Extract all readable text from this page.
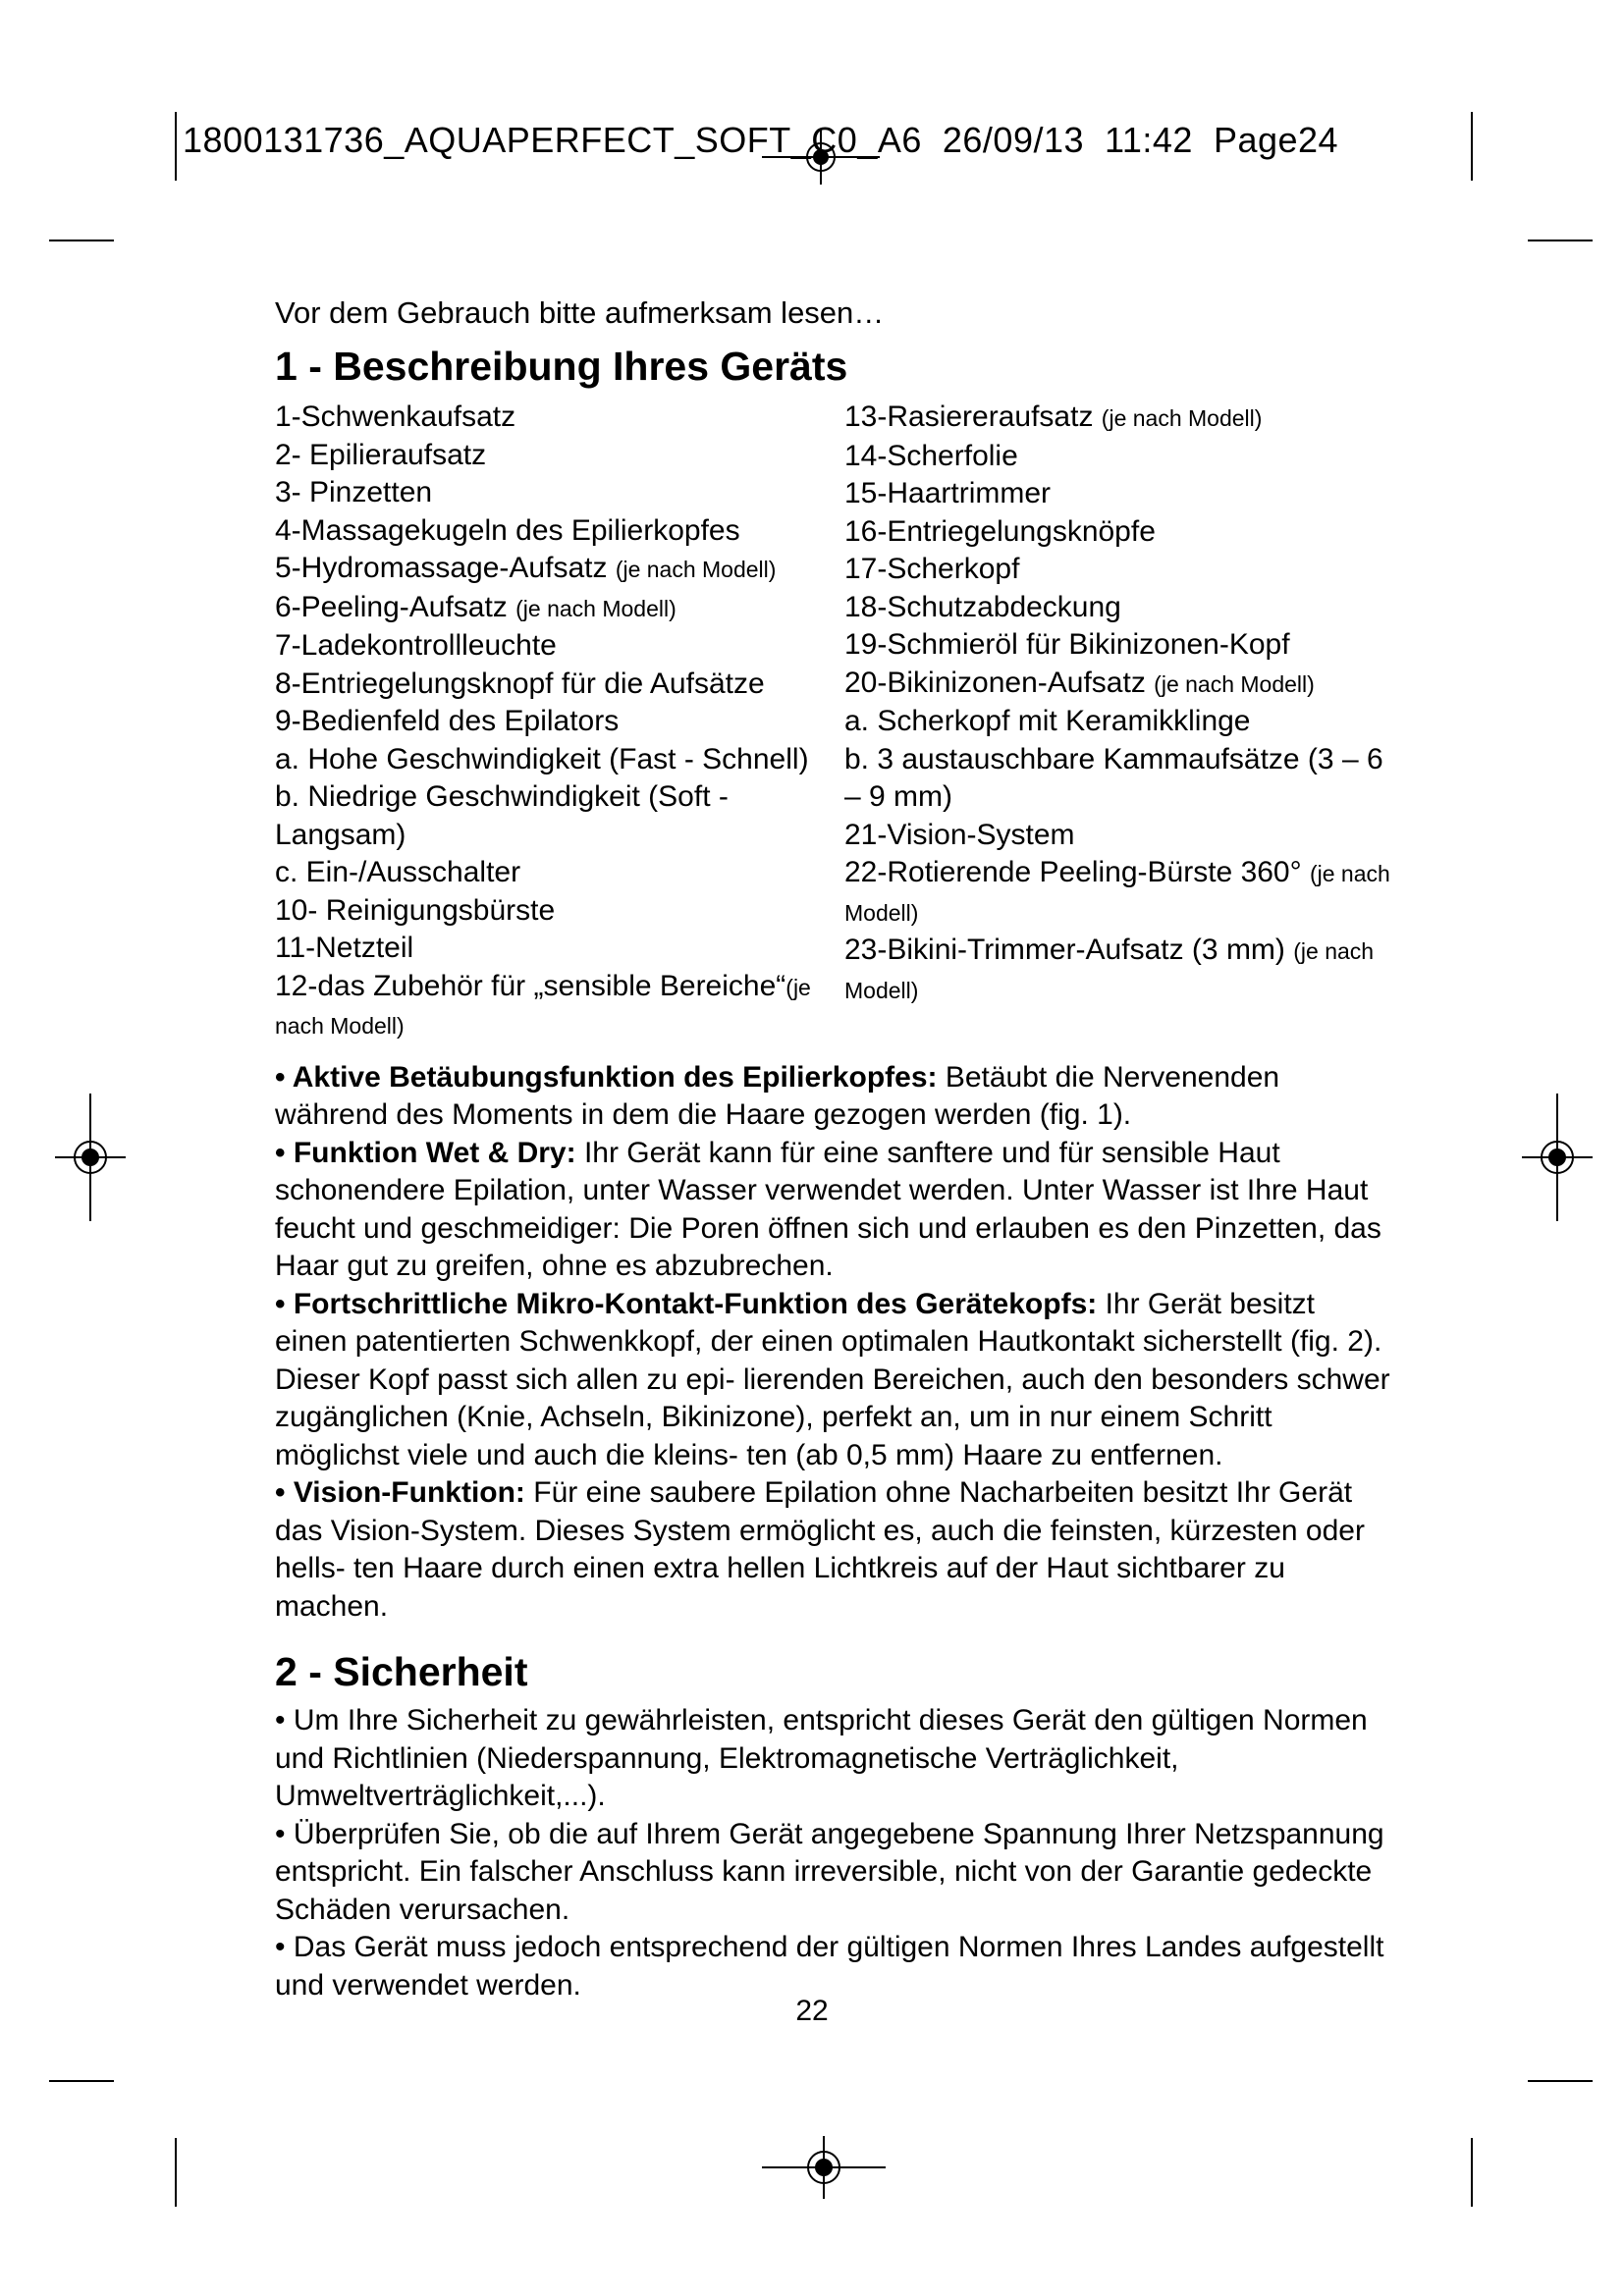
1800131736_AQUAPERFECT_SOFT_C0_A6  26/09/13  11:42  Page24

Vor dem Gebrauch bitte aufmerksam lesen…

1 - Beschreibung Ihres Geräts
1-Schwenkaufsatz
2- Epilieraufsatz
3- Pinzetten
4-Massagekugeln des Epilierkopfes
5-Hydromassage-Aufsatz (je nach Modell)
6-Peeling-Aufsatz (je nach Modell)
7-Ladekontrollleuchte
8-Entriegelungsknopf für die Aufsätze
9-Bedienfeld des Epilators
a. Hohe Geschwindigkeit (Fast - Schnell)
b. Niedrige Geschwindigkeit (Soft - Langsam)
c. Ein-/Ausschalter
10- Reinigungsbürste
11-Netzteil
12-das Zubehör für „sensible Bereiche“(je nach Modell)
13-Rasiereraufsatz (je nach Modell)
14-Scherfolie
15-Haartrimmer
16-Entriegelungsknöpfe
17-Scherkopf
18-Schutzabdeckung
19-Schmieröl für Bikinizonen-Kopf
20-Bikinizonen-Aufsatz (je nach Modell)
a. Scherkopf mit Keramikklinge
b. 3 austauschbare Kammaufsätze (3 – 6 – 9 mm)
21-Vision-System
22-Rotierende Peeling-Bürste 360° (je nach Modell)
23-Bikini-Trimmer-Aufsatz (3 mm) (je nach Modell)

• Aktive Betäubungsfunktion des Epilierkopfes: Betäubt die Nervenenden während des Moments in dem die Haare gezogen werden (fig. 1).

• Funktion Wet & Dry: Ihr Gerät kann für eine sanftere und für sensible Haut schonendere Epilation, unter Wasser verwendet werden. Unter Wasser ist Ihre Haut feucht und geschmeidiger: Die Poren öffnen sich und erlauben es den Pinzetten, das Haar gut zu greifen, ohne es abzubrechen.

• Fortschrittliche Mikro-Kontakt-Funktion des Gerätekopfs: Ihr Gerät besitzt einen patentierten Schwenkkopf, der einen optimalen Hautkontakt sicherstellt (fig. 2). Dieser Kopf passt sich allen zu epi- lierenden Bereichen, auch den besonders schwer zugänglichen (Knie, Achseln, Bikinizone), perfekt an, um in nur einem Schritt möglichst viele und auch die kleins- ten (ab 0,5 mm) Haare zu entfernen.

• Vision-Funktion: Für eine saubere Epilation ohne Nacharbeiten besitzt Ihr Gerät das Vision-System. Dieses System ermöglicht es, auch die feinsten, kürzesten oder hells- ten Haare durch einen extra hellen Lichtkreis auf der Haut sichtbarer zu machen.

2 - Sicherheit

• Um Ihre Sicherheit zu gewährleisten, entspricht dieses Gerät den gültigen Normen und Richtlinien (Niederspannung, Elektromagnetische Verträglichkeit, Umweltverträglichkeit,...).

• Überprüfen Sie, ob die auf Ihrem Gerät angegebene Spannung Ihrer Netzspannung entspricht. Ein falscher Anschluss kann irreversible, nicht von der Garantie gedeckte Schäden verursachen.

• Das Gerät muss jedoch entsprechend der gültigen Normen Ihres Landes aufgestellt und verwendet werden.

22
